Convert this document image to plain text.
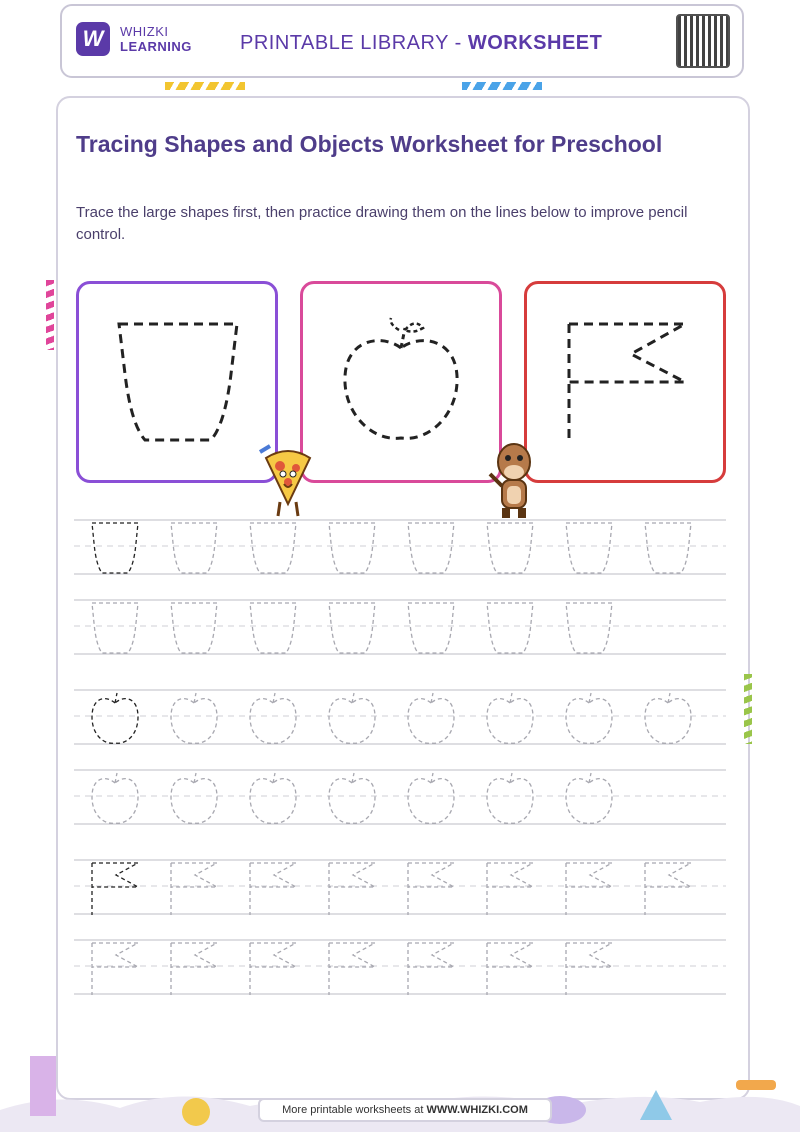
W WHIZKI
LEARNING PRINTABLE LIBRARY - WORKSHEET
Tracing Shapes and Objects Worksheet for Preschool
Trace the large shapes first, then practice drawing them on the lines below to improve pencil control.
More printable worksheets at WWW.WHIZKI.COM
